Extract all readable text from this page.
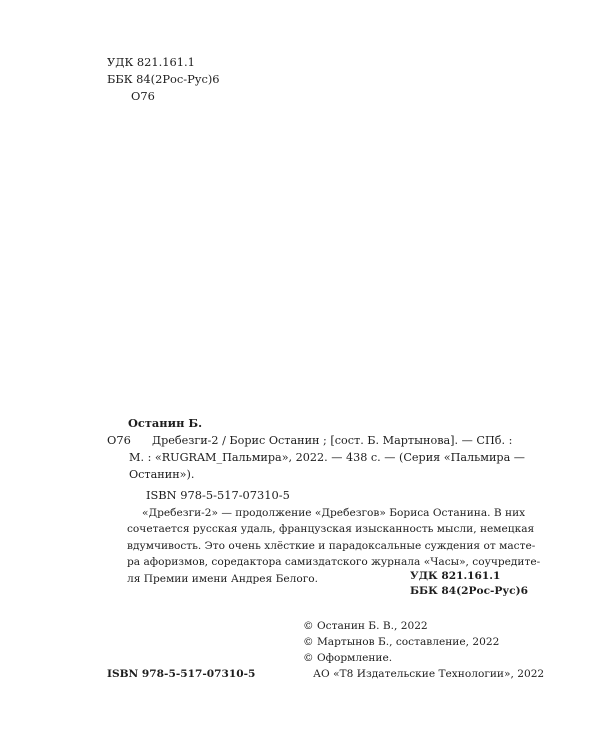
УДК 821.161.1
ББК 84(2Рос-Рус)6
О76
Останин Б.
О76 Дребезги-2 / Борис Останин ; [сост. Б. Мартынова]. — СПб. :
М. : «RUGRAM_Пальмира», 2022. — 438 с. — (Серия «Пальмира —
Останин»).
ISBN 978-5-517-07310-5
«Дребезги-2» — продолжение «Дребезгов» Бориса Останина. В них
сочетается русская удаль, французская изысканность мысли, немецкая
вдумчивость. Это очень хлёсткие и парадоксальные суждения от масте-
ра афоризмов, соредактора самиздатского журнала «Часы», соучредите-
ля Премии имени Андрея Белого.	УДК 821.161.1
ББК 84(2Рос-Рус)6
© Останин Б. В., 2022
© Мартынов Б., составление, 2022
© Оформление.
АО «Т8 Издательские Технологии», 2022
ISBN 978-5-517-07310-5
